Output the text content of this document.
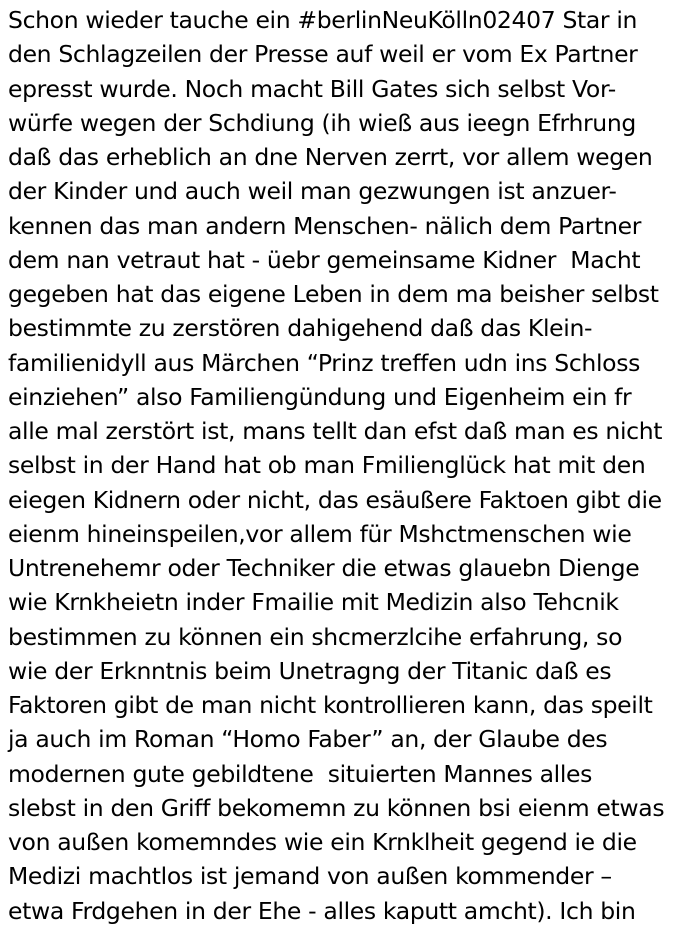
Schon wieder tauche ein #berlinNeuKölln02407 Star in
den Schlagzeilen der Presse auf weil er vom Ex Partner
epresst wurde. Noch macht Bill Gates sich selbst Vor-
würfe wegen der Schdiung (ih wieß aus ieegn Efrhrung
daß das erheblich an dne Nerven zerrt, vor allem wegen
der Kinder und auch weil man gezwungen ist anzuer-
kennen das man andern Menschen- nälich dem Partner
dem nan vetraut hat - üebr gemeinsame Kidner  Macht
gegeben hat das eigene Leben in dem ma beisher selbst
bestimmte zu zerstören dahigehend daß das Klein-
familienidyll aus Märchen “Prinz treffen udn ins Schloss
einziehen” also Familiengündung und Eigenheim ein fr
alle mal zerstört ist, mans tellt dan efst daß man es nicht
selbst in der Hand hat ob man Fmilienglück hat mit den
eiegen Kidnern oder nicht, das esäußere Faktoen gibt die
eienm hineinspeilen,vor allem für Mshctmenschen wie
Untrenehemr oder Techniker die etwas glauebn Dienge
wie Krnkheietn inder Fmailie mit Medizin also Tehcnik
bestimmen zu können ein shcmerzlcihe erfahrung, so
wie der Erknntnis beim Unetragng der Titanic daß es
Faktoren gibt de man nicht kontrollieren kann, das speilt
ja auch im Roman “Homo Faber” an, der Glaube des
modernen gute gebildtene  situierten Mannes alles
slebst in den Griff bekomemn zu können bsi eienm etwas
von außen komemndes wie ein Krnklheit gegend ie die
Medizi machtlos ist jemand von außen kommender –
etwa Frdgehen in der Ehe - alles kaputt amcht). Ich bin
